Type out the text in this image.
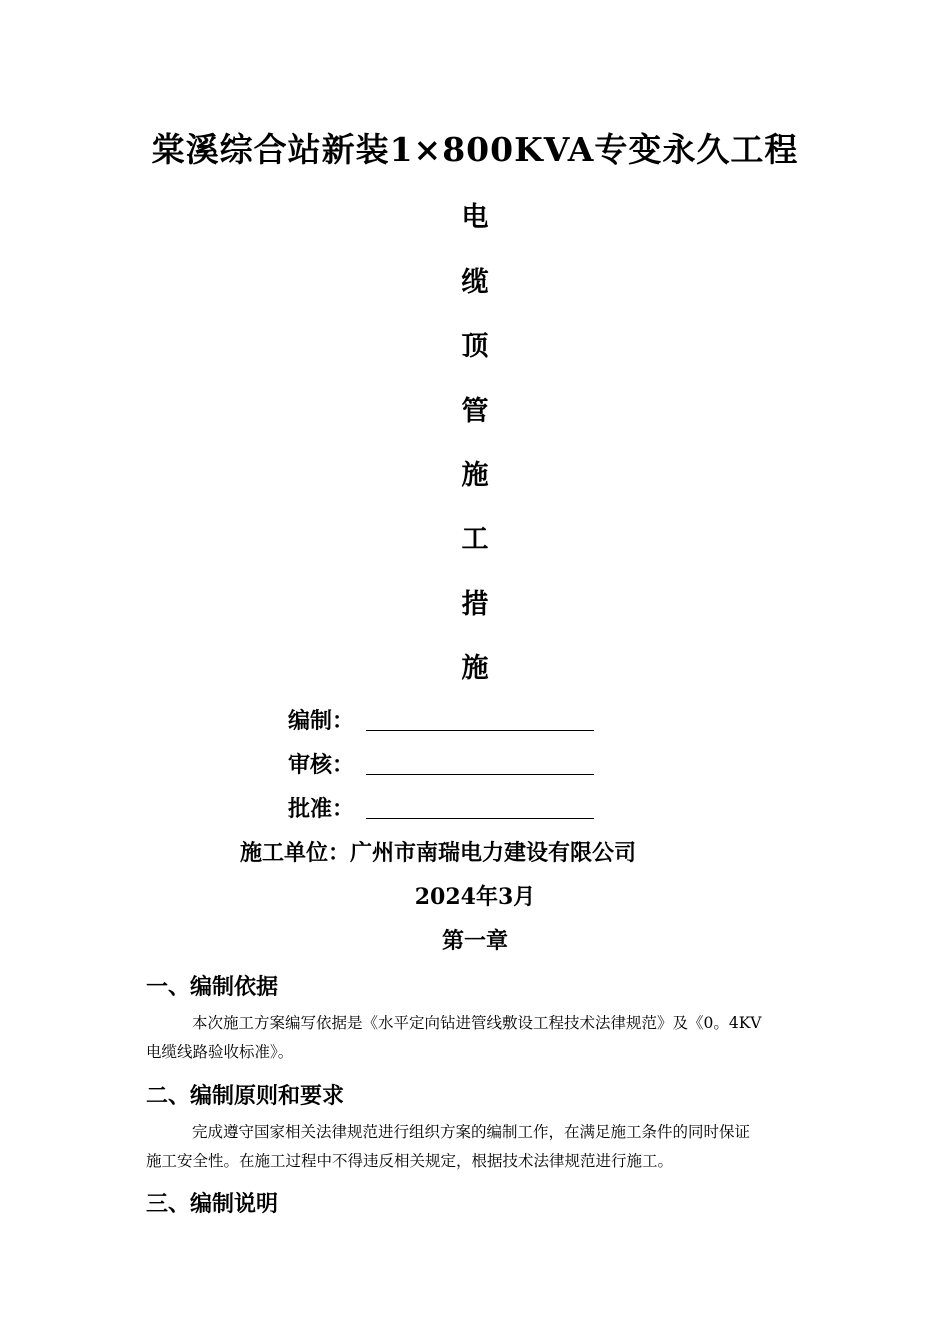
棠溪综合站新装1×800KVA专变永久工程
电
缆
顶
管
施
工
措
施
编制：
审核：
批准：
施工单位：广州市南瑞电力建设有限公司
2024年3月
第一章
一、编制依据
本次施工方案编写依据是《水平定向钻进管线敷设工程技术法律规范》及《0。4KV
电缆线路验收标准》。
二、编制原则和要求
完成遵守国家相关法律规范进行组织方案的编制工作，在满足施工条件的同时保证
施工安全性。在施工过程中不得违反相关规定，根据技术法律规范进行施工。
三、编制说明
